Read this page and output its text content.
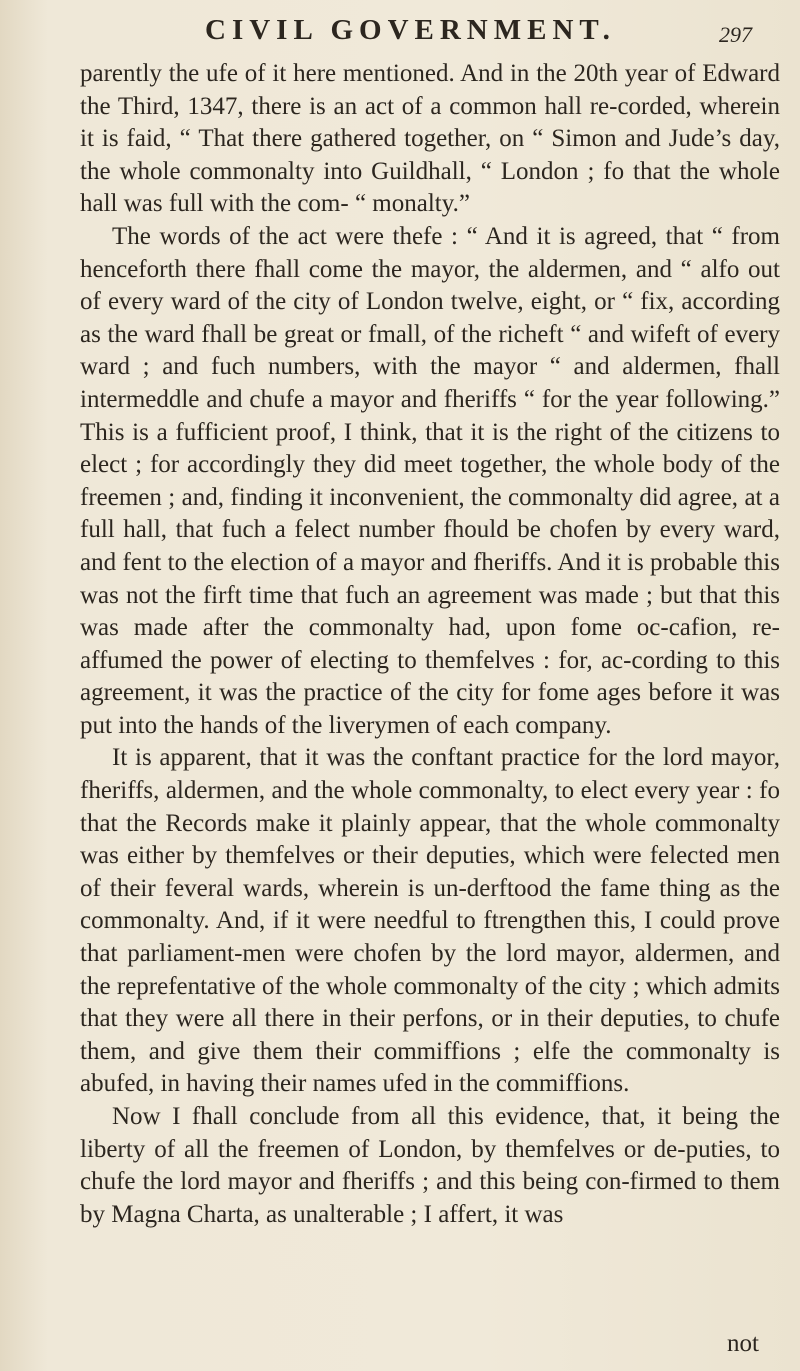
CIVIL GOVERNMENT.	297

parently the ufe of it here mentioned. And in the 20th year of Edward the Third, 1347, there is an act of a common hall re-corded, wherein it is faid, “ That there gathered together, on “ Simon and Jude’s day, the whole commonalty into Guildhall, “ London ; fo that the whole hall was full with the com- “ monalty.”

The words of the act were thefe : “ And it is agreed, that “ from henceforth there fhall come the mayor, the aldermen, and “ alfo out of every ward of the city of London twelve, eight, or “ fix, according as the ward fhall be great or fmall, of the richeft “ and wifeft of every ward ; and fuch numbers, with the mayor “ and aldermen, fhall intermeddle and chufe a mayor and fheriffs “ for the year following.” This is a fufficient proof, I think, that it is the right of the citizens to elect ; for accordingly they did meet together, the whole body of the freemen ; and, finding it inconvenient, the commonalty did agree, at a full hall, that fuch a felect number fhould be chofen by every ward, and fent to the election of a mayor and fheriffs. And it is probable this was not the firft time that fuch an agreement was made ; but that this was made after the commonalty had, upon fome oc-cafion, re-affumed the power of electing to themfelves : for, ac-cording to this agreement, it was the practice of the city for fome ages before it was put into the hands of the liverymen of each company.

It is apparent, that it was the conftant practice for the lord mayor, fheriffs, aldermen, and the whole commonalty, to elect every year : fo that the Records make it plainly appear, that the whole commonalty was either by themfelves or their deputies, which were felected men of their feveral wards, wherein is un-derftood the fame thing as the commonalty. And, if it were needful to ftrengthen this, I could prove that parliament-men were chofen by the lord mayor, aldermen, and the reprefentative of the whole commonalty of the city ; which admits that they were all there in their perfons, or in their deputies, to chufe them, and give them their commiffions ; elfe the commonalty is abufed, in having their names ufed in the commiffions.

Now I fhall conclude from all this evidence, that, it being the liberty of all the freemen of London, by themfelves or de-puties, to chufe the lord mayor and fheriffs ; and this being con-firmed to them by Magna Charta, as unalterable ; I affert, it was

not
